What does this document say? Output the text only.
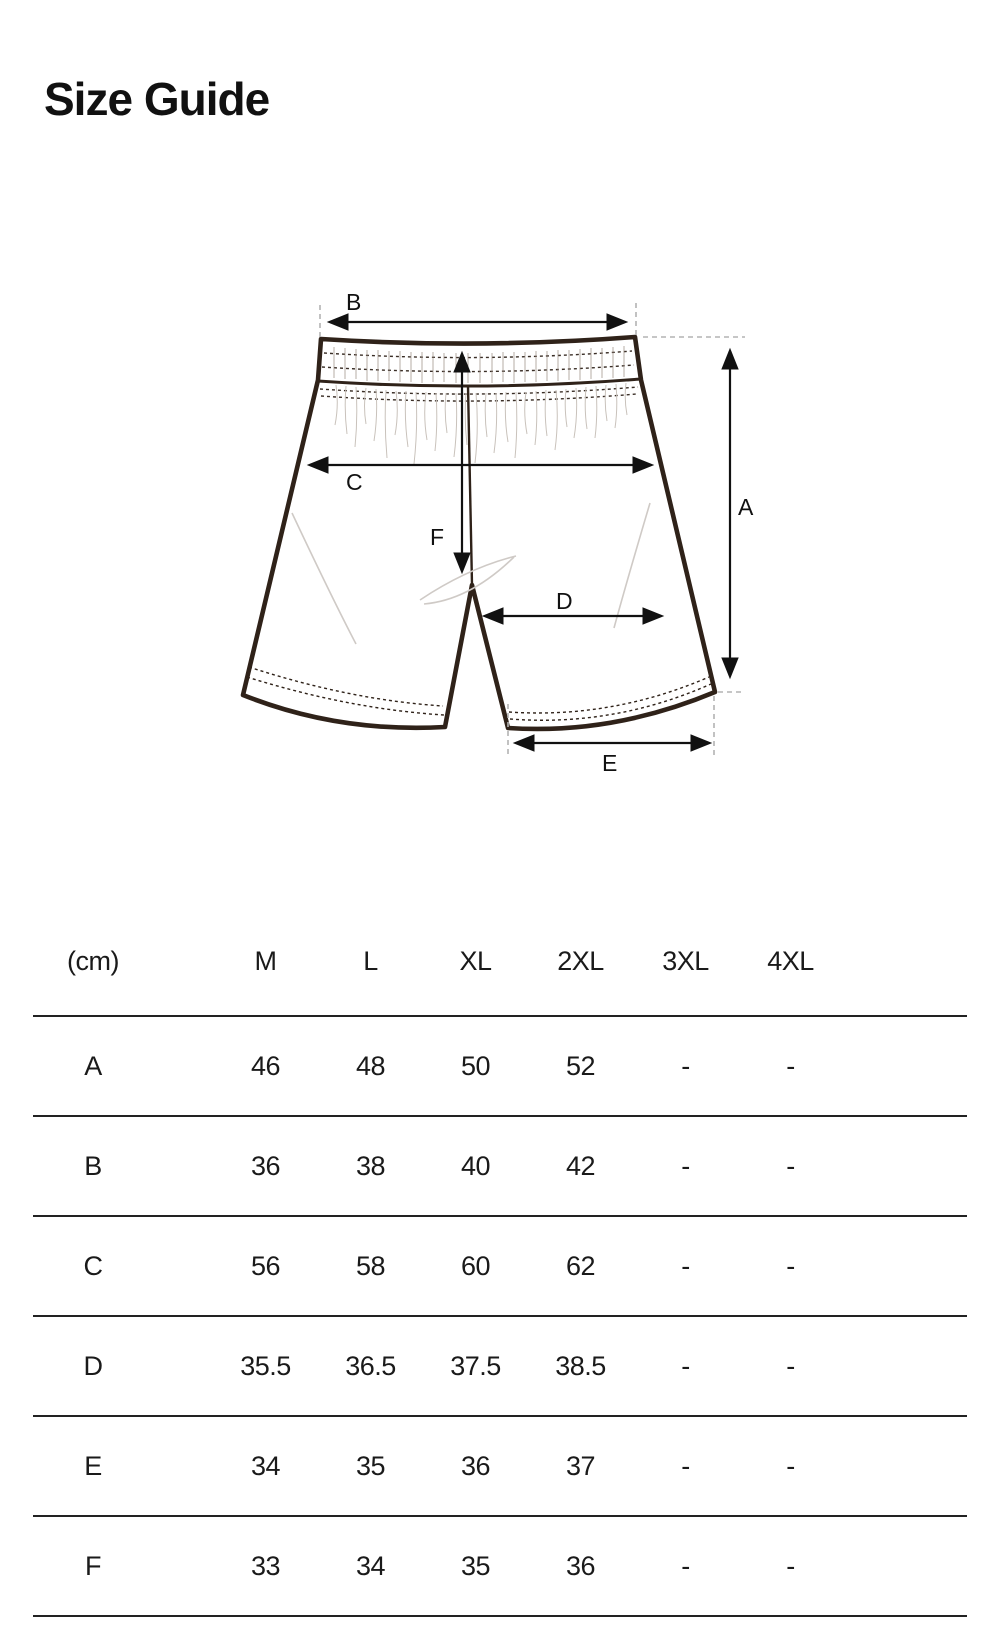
Size Guide
B
C
A
F
D
E
(cm)		M	L	XL	2XL	3XL	4XL	
A		46	48	50	52	-	-	
B		36	38	40	42	-	-	
C		56	58	60	62	-	-	
D		35.5	36.5	37.5	38.5	-	-	
E		34	35	36	37	-	-	
F		33	34	35	36	-	-	
